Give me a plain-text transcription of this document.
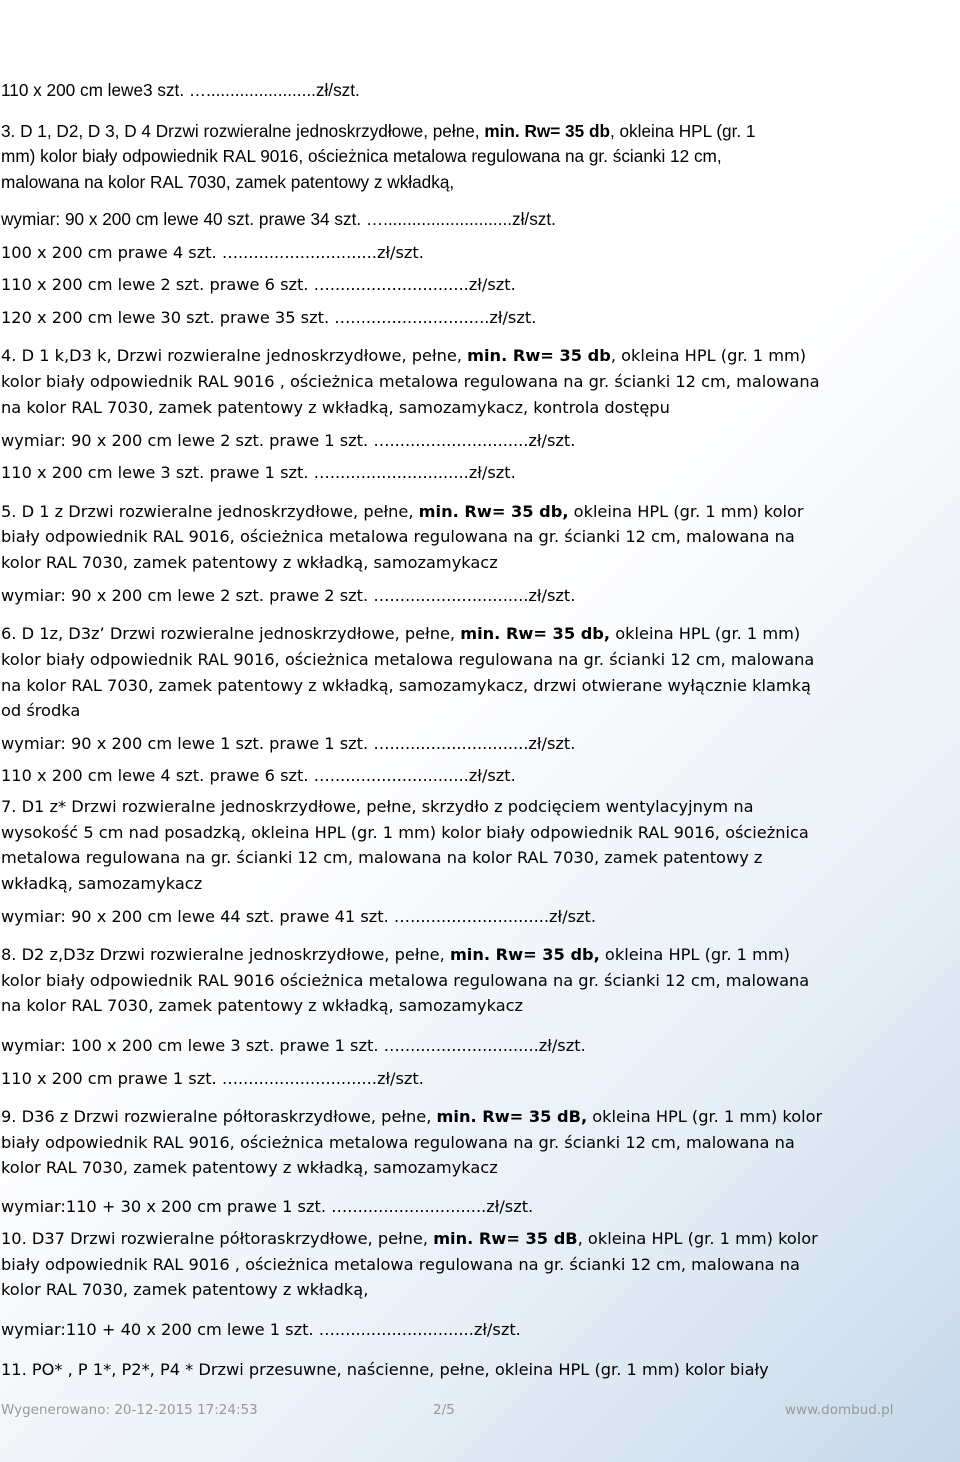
110 x 200 cm lewe3 szt. ….......................zł/szt.

3. D 1, D2, D 3, D 4 Drzwi rozwieralne jednoskrzydłowe, pełne, min. Rw= 35 db, okleina HPL (gr. 1

mm) kolor biały odpowiednik RAL 9016, ościeżnica metalowa regulowana na gr. ścianki 12 cm,

malowana na kolor RAL 7030, zamek patentowy z wkładką,

wymiar: 90 x 200 cm lewe 40 szt. prawe 34 szt. …...........................zł/szt.

100 x 200 cm prawe 4 szt. …...........................zł/szt.

110 x 200 cm lewe 2 szt. prawe 6 szt. …...........................zł/szt.

120 x 200 cm lewe 30 szt. prawe 35 szt. …...........................zł/szt.

4. D 1 k,D3 k, Drzwi rozwieralne jednoskrzydłowe, pełne, min. Rw= 35 db, okleina HPL (gr. 1 mm)

kolor biały odpowiednik RAL 9016 , ościeżnica metalowa regulowana na gr. ścianki 12 cm, malowana

na kolor RAL 7030, zamek patentowy z wkładką, samozamykacz, kontrola dostępu

wymiar: 90 x 200 cm lewe 2 szt. prawe 1 szt. …...........................zł/szt.

110 x 200 cm lewe 3 szt. prawe 1 szt. …...........................zł/szt.

5. D 1 z Drzwi rozwieralne jednoskrzydłowe, pełne, min. Rw= 35 db, okleina HPL (gr. 1 mm) kolor

biały odpowiednik RAL 9016, ościeżnica metalowa regulowana na gr. ścianki 12 cm, malowana na

kolor RAL 7030, zamek patentowy z wkładką, samozamykacz

wymiar: 90 x 200 cm lewe 2 szt. prawe 2 szt. …...........................zł/szt.

6. D 1z, D3z’ Drzwi rozwieralne jednoskrzydłowe, pełne, min. Rw= 35 db, okleina HPL (gr. 1 mm)

kolor biały odpowiednik RAL 9016, ościeżnica metalowa regulowana na gr. ścianki 12 cm, malowana

na kolor RAL 7030, zamek patentowy z wkładką, samozamykacz, drzwi otwierane wyłącznie klamką

od środka

wymiar: 90 x 200 cm lewe 1 szt. prawe 1 szt. …...........................zł/szt.

110 x 200 cm lewe 4 szt. prawe 6 szt. …...........................zł/szt.

7. D1 z* Drzwi rozwieralne jednoskrzydłowe, pełne, skrzydło z podcięciem wentylacyjnym na

wysokość 5 cm nad posadzką, okleina HPL (gr. 1 mm) kolor biały odpowiednik RAL 9016, ościeżnica

metalowa regulowana na gr. ścianki 12 cm, malowana na kolor RAL 7030, zamek patentowy z

wkładką, samozamykacz

wymiar: 90 x 200 cm lewe 44 szt. prawe 41 szt. …...........................zł/szt.

8. D2 z,D3z Drzwi rozwieralne jednoskrzydłowe, pełne, min. Rw= 35 db, okleina HPL (gr. 1 mm)

kolor biały odpowiednik RAL 9016 ościeżnica metalowa regulowana na gr. ścianki 12 cm, malowana

na kolor RAL 7030, zamek patentowy z wkładką, samozamykacz

wymiar: 100 x 200 cm lewe 3 szt. prawe 1 szt. …...........................zł/szt.

110 x 200 cm prawe 1 szt. …...........................zł/szt.

9. D36 z Drzwi rozwieralne półtoraskrzydłowe, pełne, min. Rw= 35 dB, okleina HPL (gr. 1 mm) kolor

biały odpowiednik RAL 9016, ościeżnica metalowa regulowana na gr. ścianki 12 cm, malowana na

kolor RAL 7030, zamek patentowy z wkładką, samozamykacz

wymiar:110 + 30 x 200 cm prawe 1 szt. …...........................zł/szt.

10. D37 Drzwi rozwieralne półtoraskrzydłowe, pełne, min. Rw= 35 dB, okleina HPL (gr. 1 mm) kolor

biały odpowiednik RAL 9016 , ościeżnica metalowa regulowana na gr. ścianki 12 cm, malowana na

kolor RAL 7030, zamek patentowy z wkładką,

wymiar:110 + 40 x 200 cm lewe 1 szt. …...........................zł/szt.

11. PO* , P 1*, P2*, P4 * Drzwi przesuwne, naścienne, pełne, okleina HPL (gr. 1 mm) kolor biały

Wygenerowano: 20-12-2015 17:24:53	2/5	www.dombud.pl
